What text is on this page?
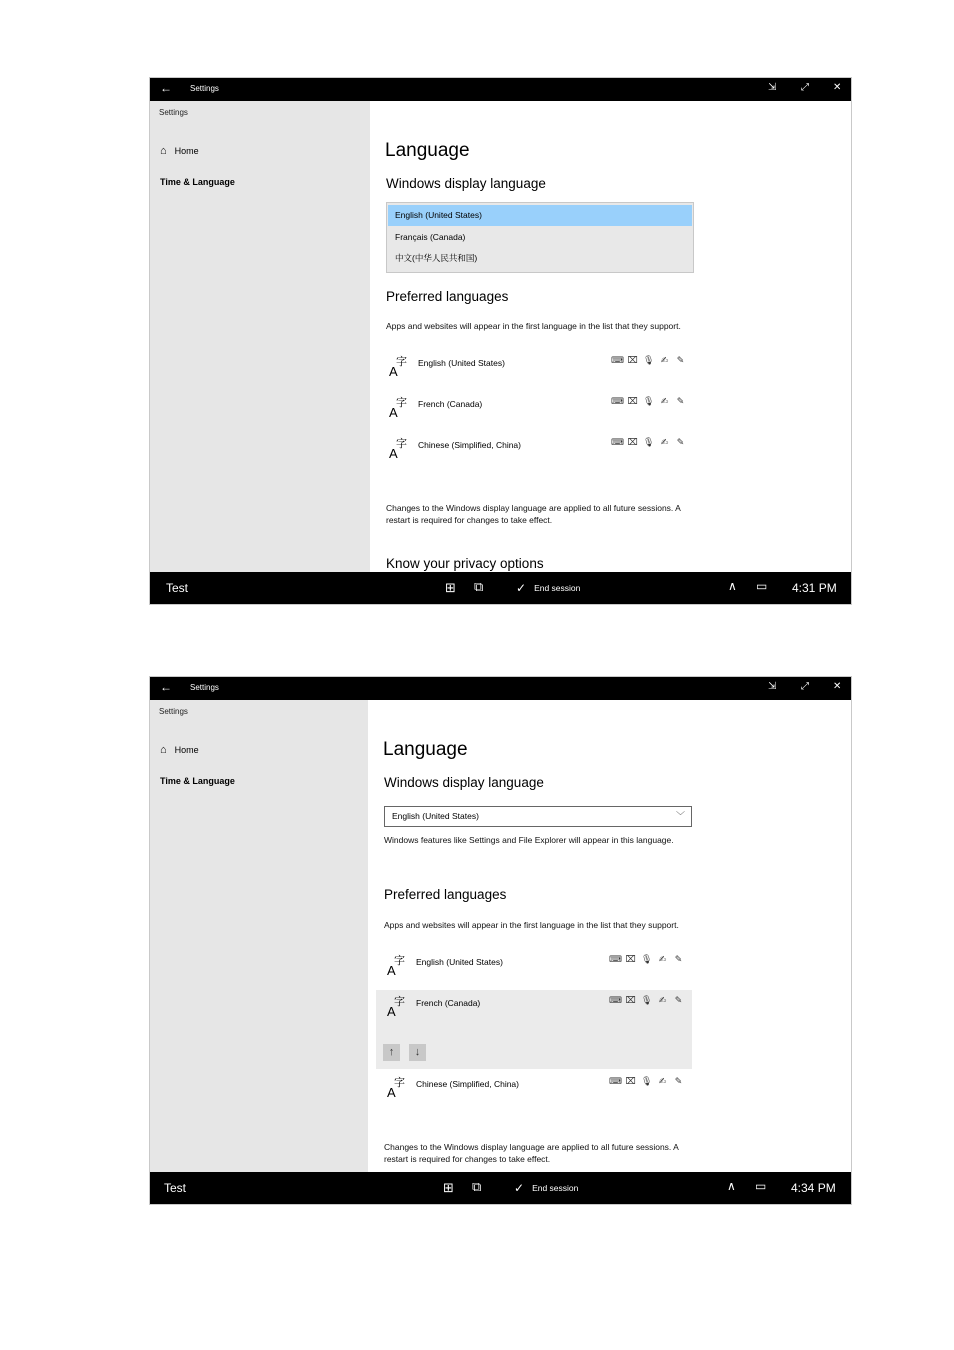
← Settings	⇲ ⤢ ✕
Settings
⌂ Home
Time & Language
Language
Windows display language
English (United States)
Français (Canada)
中文(中华人民共和国)
Preferred languages
Apps and websites will appear in the first language in the list that they support.
A
字 English (United States)	⌨ ⌧ 🎙 ✍ ✎
A
字 French (Canada)	⌨ ⌧ 🎙 ✍ ✎
A
字 Chinese (Simplified, China)	⌨ ⌧ 🎙 ✍ ✎
Changes to the Windows display language are applied to all future sessions. A restart is required for changes to take effect.
Know your privacy options
Test	⊞ ⧉	✓ End session	∧ ▭ 4:31 PM
← Settings	⇲ ⤢ ✕
Settings
⌂ Home
Time & Language
Language
Windows display language
English (United States)	﹀
Windows features like Settings and File Explorer will appear in this language.
Preferred languages
Apps and websites will appear in the first language in the list that they support.
A
字 English (United States)	⌨ ⌧ 🎙 ✍ ✎
A
字 French (Canada)	⌨ ⌧ 🎙 ✍ ✎
↑	↓
A
字 Chinese (Simplified, China)	⌨ ⌧ 🎙 ✍ ✎
Changes to the Windows display language are applied to all future sessions. A restart is required for changes to take effect.
Test	⊞ ⧉	✓ End session	∧ ▭ 4:34 PM
